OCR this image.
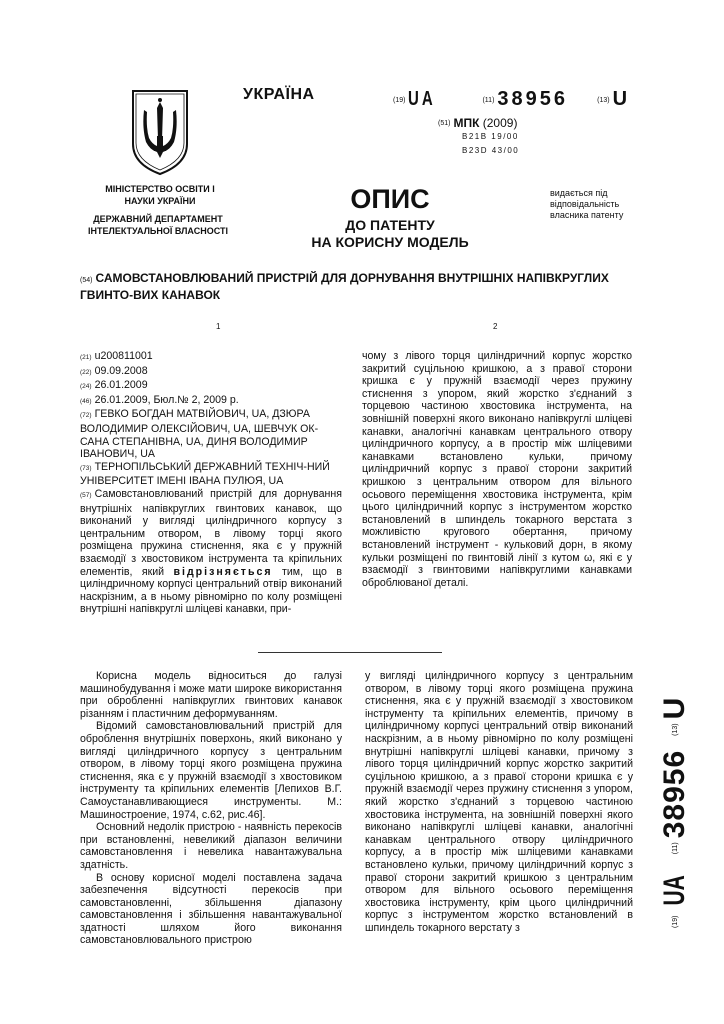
УКРАЇНА	(19) UA	(11) 38956	(13) U
(51) МПК (2009)
B21B 19/00
B23D 43/00
МІНІСТЕРСТВО ОСВІТИ І НАУКИ УКРАЇНИ
ДЕРЖАВНИЙ ДЕПАРТАМЕНТ ІНТЕЛЕКТУАЛЬНОЇ ВЛАСНОСТІ
ОПИС
ДО ПАТЕНТУ
НА КОРИСНУ МОДЕЛЬ
видається під відповідальність власника патенту
(54) САМОВСТАНОВЛЮВАНИЙ ПРИСТРІЙ ДЛЯ ДОРНУВАННЯ ВНУТРІШНІХ НАПІВКРУГЛИХ ГВИНТО-ВИХ КАНАВОК
1	2
(21) u200811001
(22) 09.09.2008
(24) 26.01.2009
(46) 26.01.2009, Бюл.№ 2, 2009 р.
(72) ГЕВКО БОГДАН МАТВІЙОВИЧ, UA, ДЗЮРА ВОЛОДИМИР ОЛЕКСІЙОВИЧ, UA, ШЕВЧУК ОК-САНА СТЕПАНІВНА, UA, ДИНЯ ВОЛОДИМИР ІВАНОВИЧ, UA
(73) ТЕРНОПІЛЬСЬКИЙ ДЕРЖАВНИЙ ТЕХНІЧ-НИЙ УНІВЕРСИТЕТ ІМЕНІ ІВАНА ПУЛЮЯ, UA
(57) Самовстановлюваний пристрій для дорнування внутрішніх напівкруглих гвинтових канавок, що виконаний у вигляді циліндричного корпусу з центральним отвором, в лівому торці якого розміщена пружина стиснення, яка є у пружній взаємодії з хвостовиком інструмента та кріпильних елементів, який відрізняється тим, що в циліндричному корпусі центральний отвір виконаний наскрізним, а в ньому рівномірно по колу розміщені внутрішні напівкруглі шліцеві канавки, при-
чому з лівого торця циліндричний корпус жорстко закритий суцільною кришкою, а з правої сторони кришка є у пружній взаємодії через пружину стиснення з упором, який жорстко з'єднаний з торцевою частиною хвостовика інструмента, на зовнішній поверхні якого виконано напівкруглі шліцеві канавки, аналогічні канавкам центрального отвору циліндричного корпусу, а в простір між шліцевими канавками встановлено кульки, причому циліндричний корпус з правої сторони закритий кришкою з центральним отвором для вільного осьового переміщення хвостовика інструмента, крім цього циліндричний корпус з інструментом жорстко встановлений в шпиндель токарного верстата з можливістю кругового обертання, причому встановлений інструмент - кульковий дорн, в якому кульки розміщені по гвинтовій лінії з кутом ω, які є у взаємодії з гвинтовими напівкруглими канавками оброблюваної деталі.

Корисна модель відноситься до галузі машинобудування і може мати широке використання при обробленні напівкруглих гвинтових канавок різанням і пластичним деформуванням.

Відомий самовстановлювальний пристрій для оброблення внутрішніх поверхонь, який виконано у вигляді циліндричного корпусу з центральним отвором, в лівому торці якого розміщена пружина стиснення, яка є у пружній взаємодії з хвостовиком інструменту та кріпильних елементів [Лепихов В.Г. Самоустанавливающиеся инструменты. М.: Машиностроение, 1974, с.62, рис.46].

Основний недолік пристрою - наявність перекосів при встановленні, невеликий діапазон величини самовстановлення і невелика навантажувальна здатність.

В основу корисної моделі поставлена задача забезпечення відсутності перекосів при самовстановленні, збільшення діапазону самовстановлення і збільшення навантажувальної здатності шляхом його виконання самовстановлювального пристрою

у вигляді циліндричного корпусу з центральним отвором, в лівому торці якого розміщена пружина стиснення, яка є у пружній взаємодії з хвостовиком інструменту та кріпильних елементів, причому в циліндричному корпусі центральний отвір виконаний наскрізним, а в ньому рівномірно по колу розміщені внутрішні напівкруглі шліцеві канавки, причому з лівого торця циліндричний корпус жорстко закритий суцільною кришкою, а з правої сторони кришка є у пружній взаємодії через пружину стиснення з упором, який жорстко з'єднаний з торцевою частиною хвостовика інструмента, на зовнішній поверхні якого виконано напівкруглі шліцеві канавки, аналогічні канавкам центрального отвору циліндричного корпусу, а в простір між шліцевими канавками встановлено кульки, причому циліндричний корпус з правої сторони закритий кришкою з центральним отвором для вільного осьового переміщення хвостовика інструменту, крім цього циліндричний корпус з інструментом жорстко встановлений в шпиндель токарного верстату з	(19)
UA
(11)
38956
(13)
U
